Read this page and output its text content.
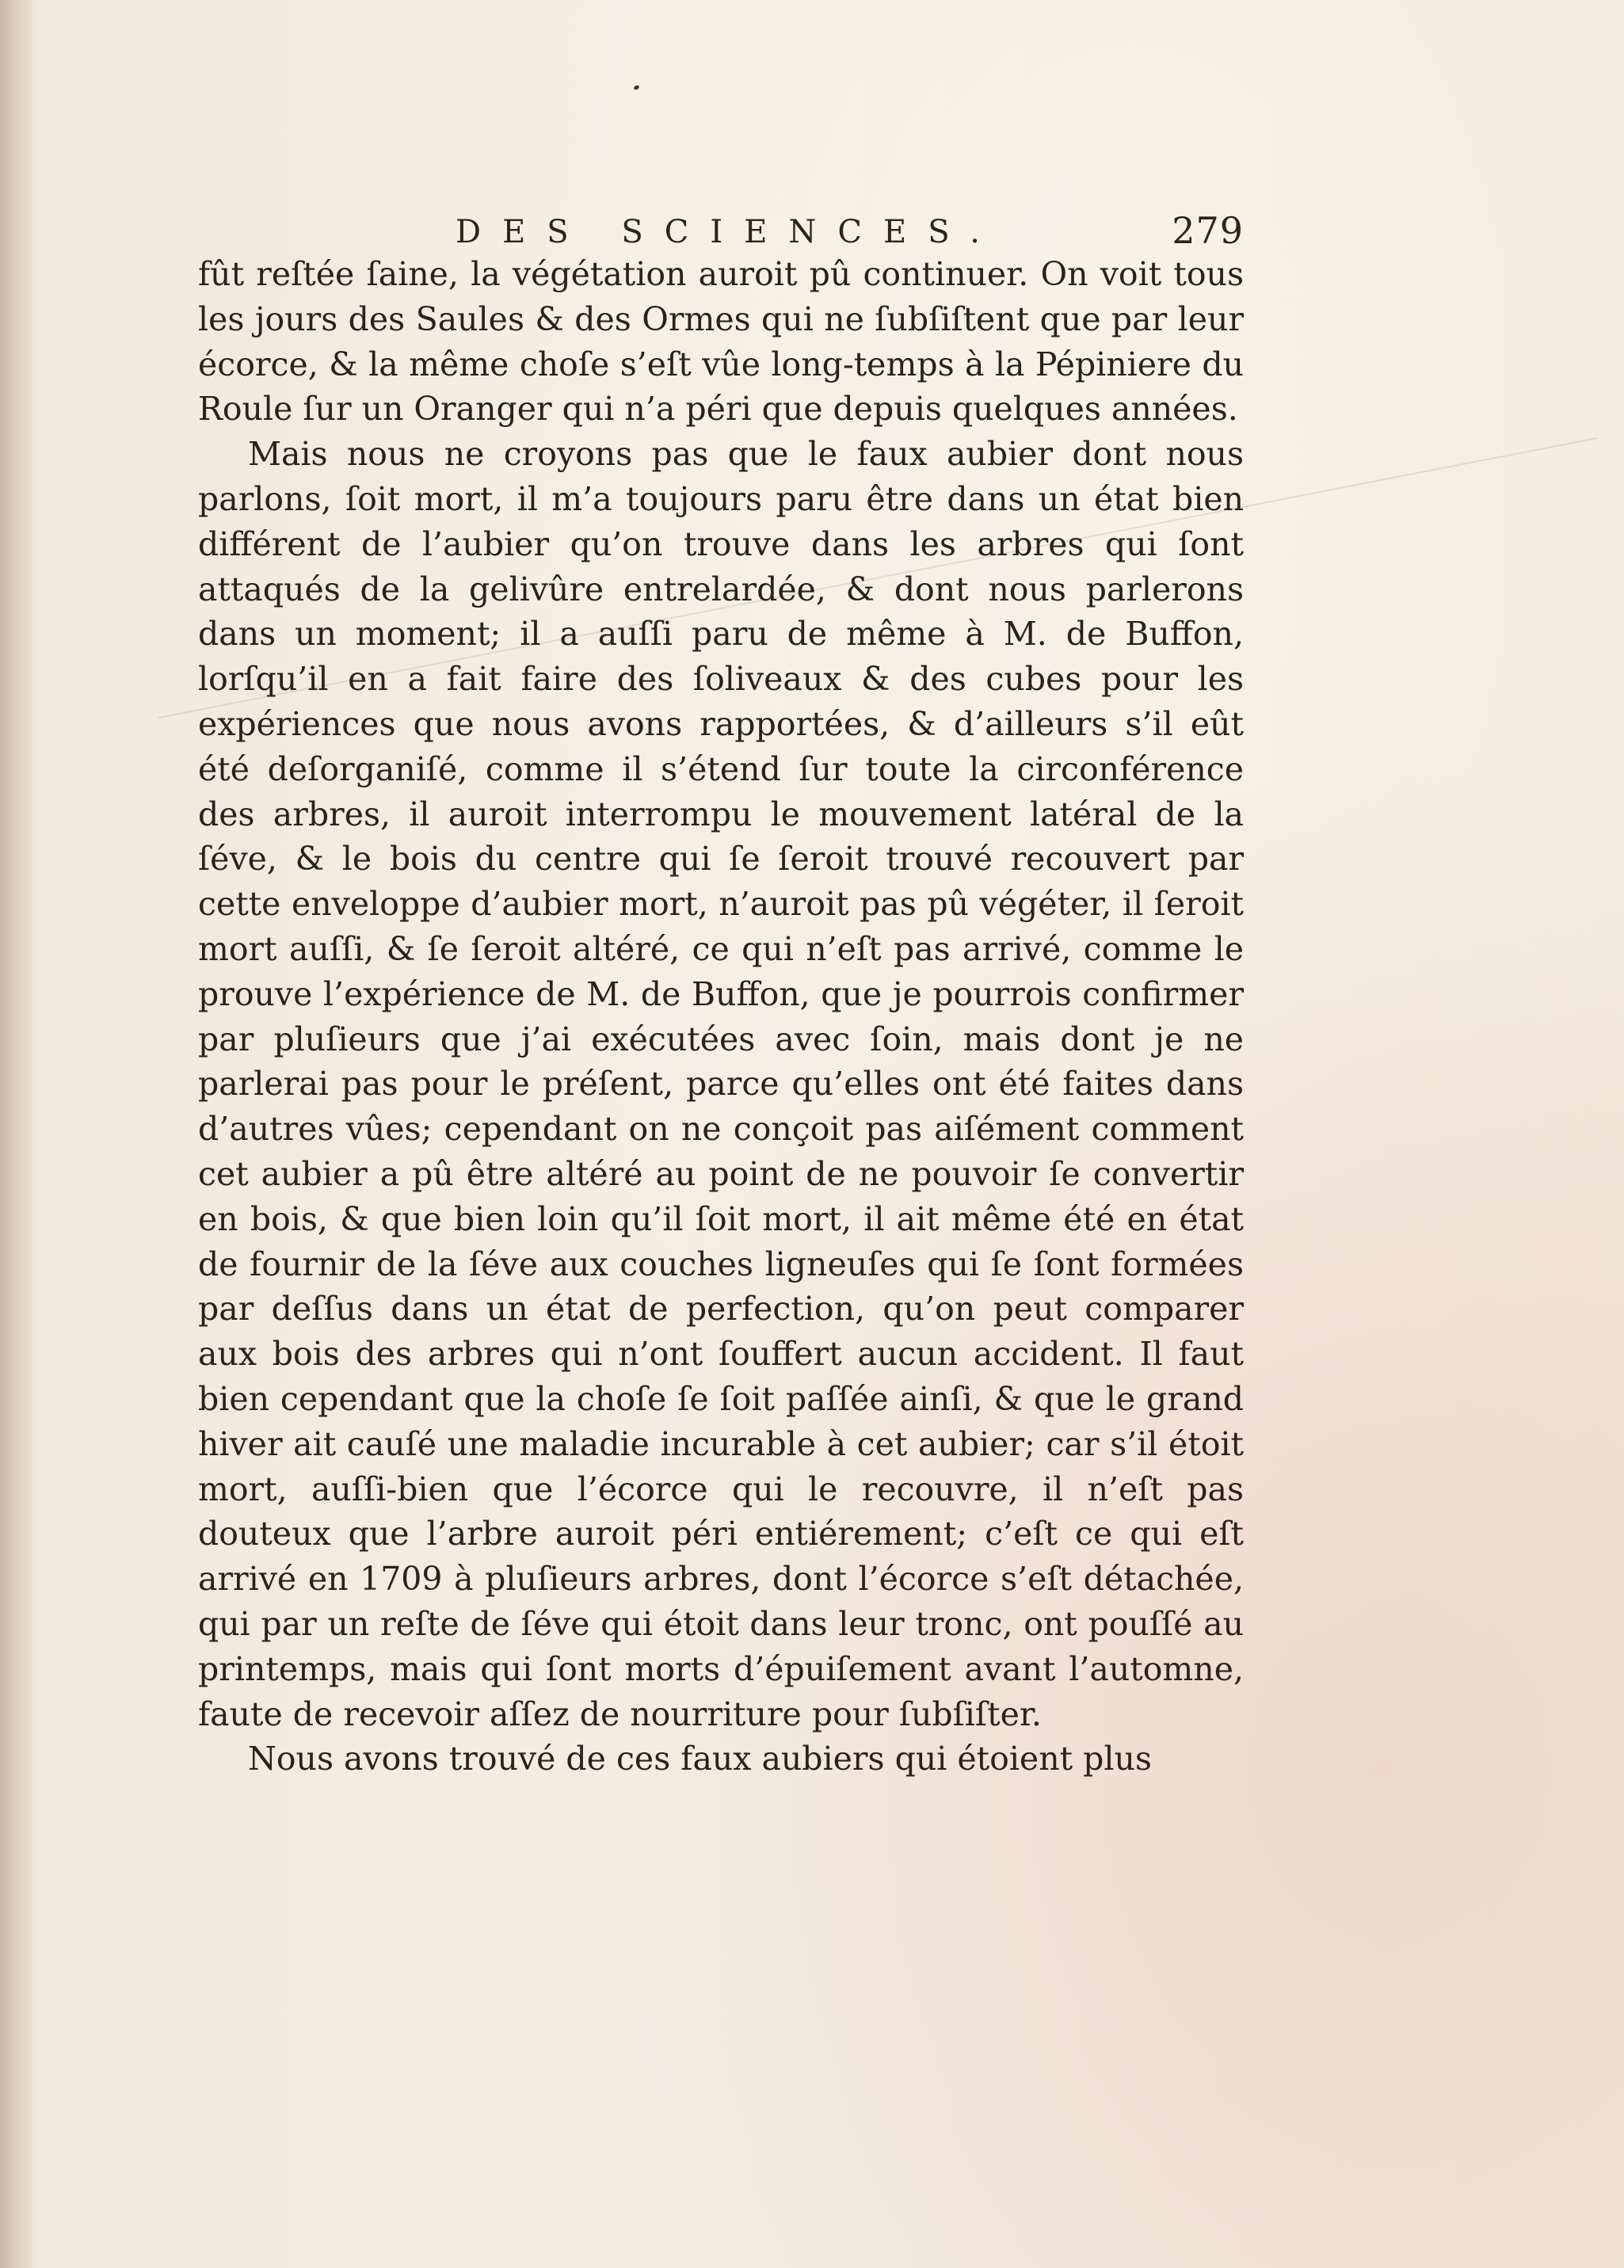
DES SCIENCES.	279

fût reſtée ſaine, la végétation auroit pû continuer. On voit tous les jours des Saules & des Ormes qui ne ſubſiſtent que par leur écorce, & la même choſe s’eſt vûe long-temps à la Pépiniere du Roule ſur un Oranger qui n’a péri que depuis quelques années.

Mais nous ne croyons pas que le faux aubier dont nous parlons, ſoit mort, il m’a toujours paru être dans un état bien différent de l’aubier qu’on trouve dans les arbres qui ſont attaqués de la gelivûre entrelardée, & dont nous parlerons dans un moment; il a auſſi paru de même à M. de Buffon, lorſqu’il en a fait faire des ſoliveaux & des cubes pour les expériences que nous avons rapportées, & d’ailleurs s’il eût été deſorganiſé, comme il s’étend ſur toute la circonférence des arbres, il auroit interrompu le mouvement latéral de la ſéve, & le bois du centre qui ſe ſeroit trouvé recouvert par cette enveloppe d’aubier mort, n’auroit pas pû végéter, il ſeroit mort auſſi, & ſe ſeroit altéré, ce qui n’eſt pas arrivé, comme le prouve l’expérience de M. de Buffon, que je pourrois confirmer par pluſieurs que j’ai exécutées avec ſoin, mais dont je ne parlerai pas pour le préſent, parce qu’elles ont été faites dans d’autres vûes; cependant on ne conçoit pas aiſément comment cet aubier a pû être altéré au point de ne pouvoir ſe convertir en bois, & que bien loin qu’il ſoit mort, il ait même été en état de fournir de la ſéve aux couches ligneuſes qui ſe ſont formées par deſſus dans un état de perfection, qu’on peut comparer aux bois des arbres qui n’ont ſouffert aucun accident. Il faut bien cependant que la choſe ſe ſoit paſſée ainſi, & que le grand hiver ait cauſé une maladie incurable à cet aubier; car s’il étoit mort, auſſi-bien que l’écorce qui le recouvre, il n’eſt pas douteux que l’arbre auroit péri entiérement; c’eſt ce qui eſt arrivé en 1709 à pluſieurs arbres, dont l’écorce s’eſt détachée, qui par un reſte de ſéve qui étoit dans leur tronc, ont pouſſé au printemps, mais qui ſont morts d’épuiſement avant l’automne, faute de recevoir aſſez de nourriture pour ſubſiſter.

Nous avons trouvé de ces faux aubiers qui étoient plus
